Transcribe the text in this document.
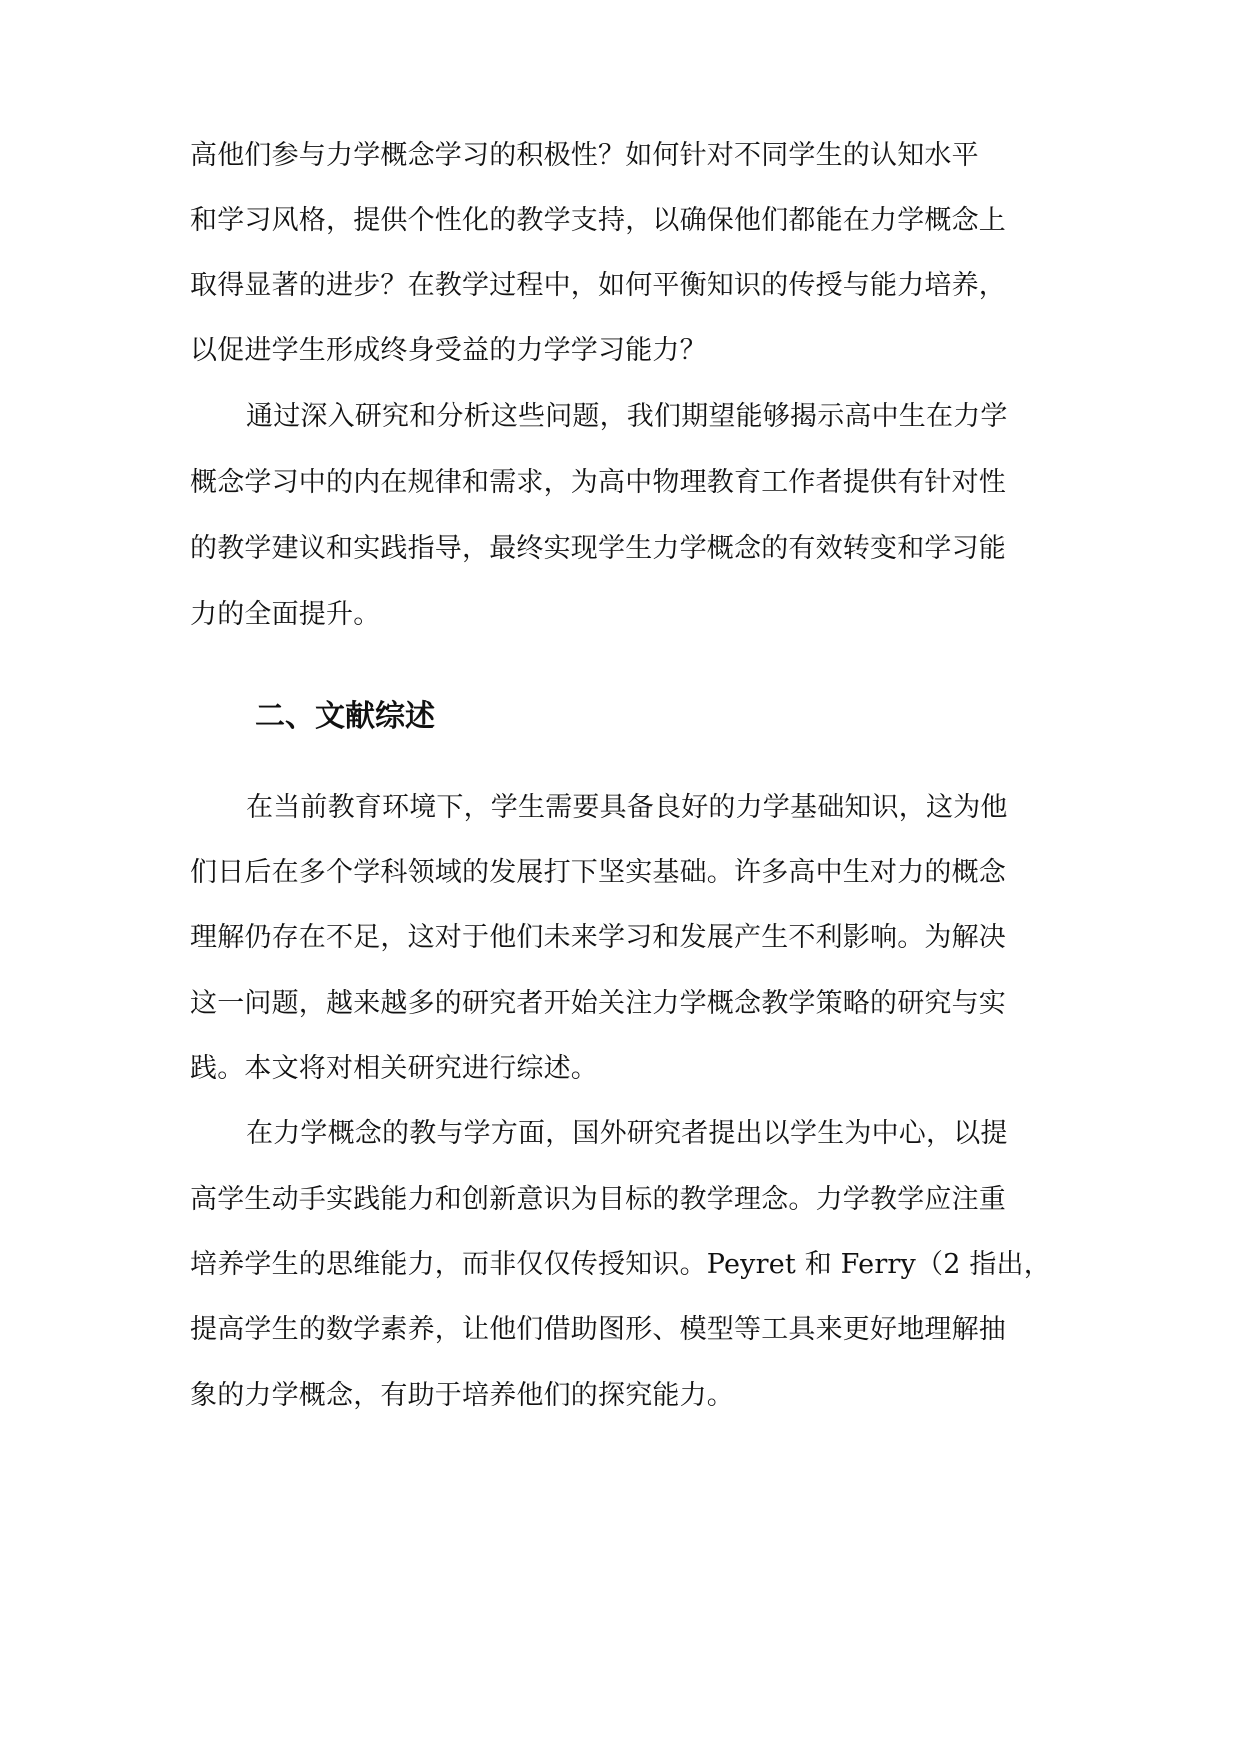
高他们参与力学概念学习的积极性？如何针对不同学生的认知水平
和学习风格，提供个性化的教学支持，以确保他们都能在力学概念上
取得显著的进步？在教学过程中，如何平衡知识的传授与能力培养，
以促进学生形成终身受益的力学学习能力？
通过深入研究和分析这些问题，我们期望能够揭示高中生在力学
概念学习中的内在规律和需求，为高中物理教育工作者提供有针对性
的教学建议和实践指导，最终实现学生力学概念的有效转变和学习能
力的全面提升。
二、文献综述
在当前教育环境下，学生需要具备良好的力学基础知识，这为他
们日后在多个学科领域的发展打下坚实基础。许多高中生对力的概念
理解仍存在不足，这对于他们未来学习和发展产生不利影响。为解决
这一问题，越来越多的研究者开始关注力学概念教学策略的研究与实
践。本文将对相关研究进行综述。
在力学概念的教与学方面，国外研究者提出以学生为中心，以提
高学生动手实践能力和创新意识为目标的教学理念。力学教学应注重
培养学生的思维能力，而非仅仅传授知识。Peyret 和 Ferry（2 指出，
提高学生的数学素养，让他们借助图形、模型等工具来更好地理解抽
象的力学概念，有助于培养他们的探究能力。
